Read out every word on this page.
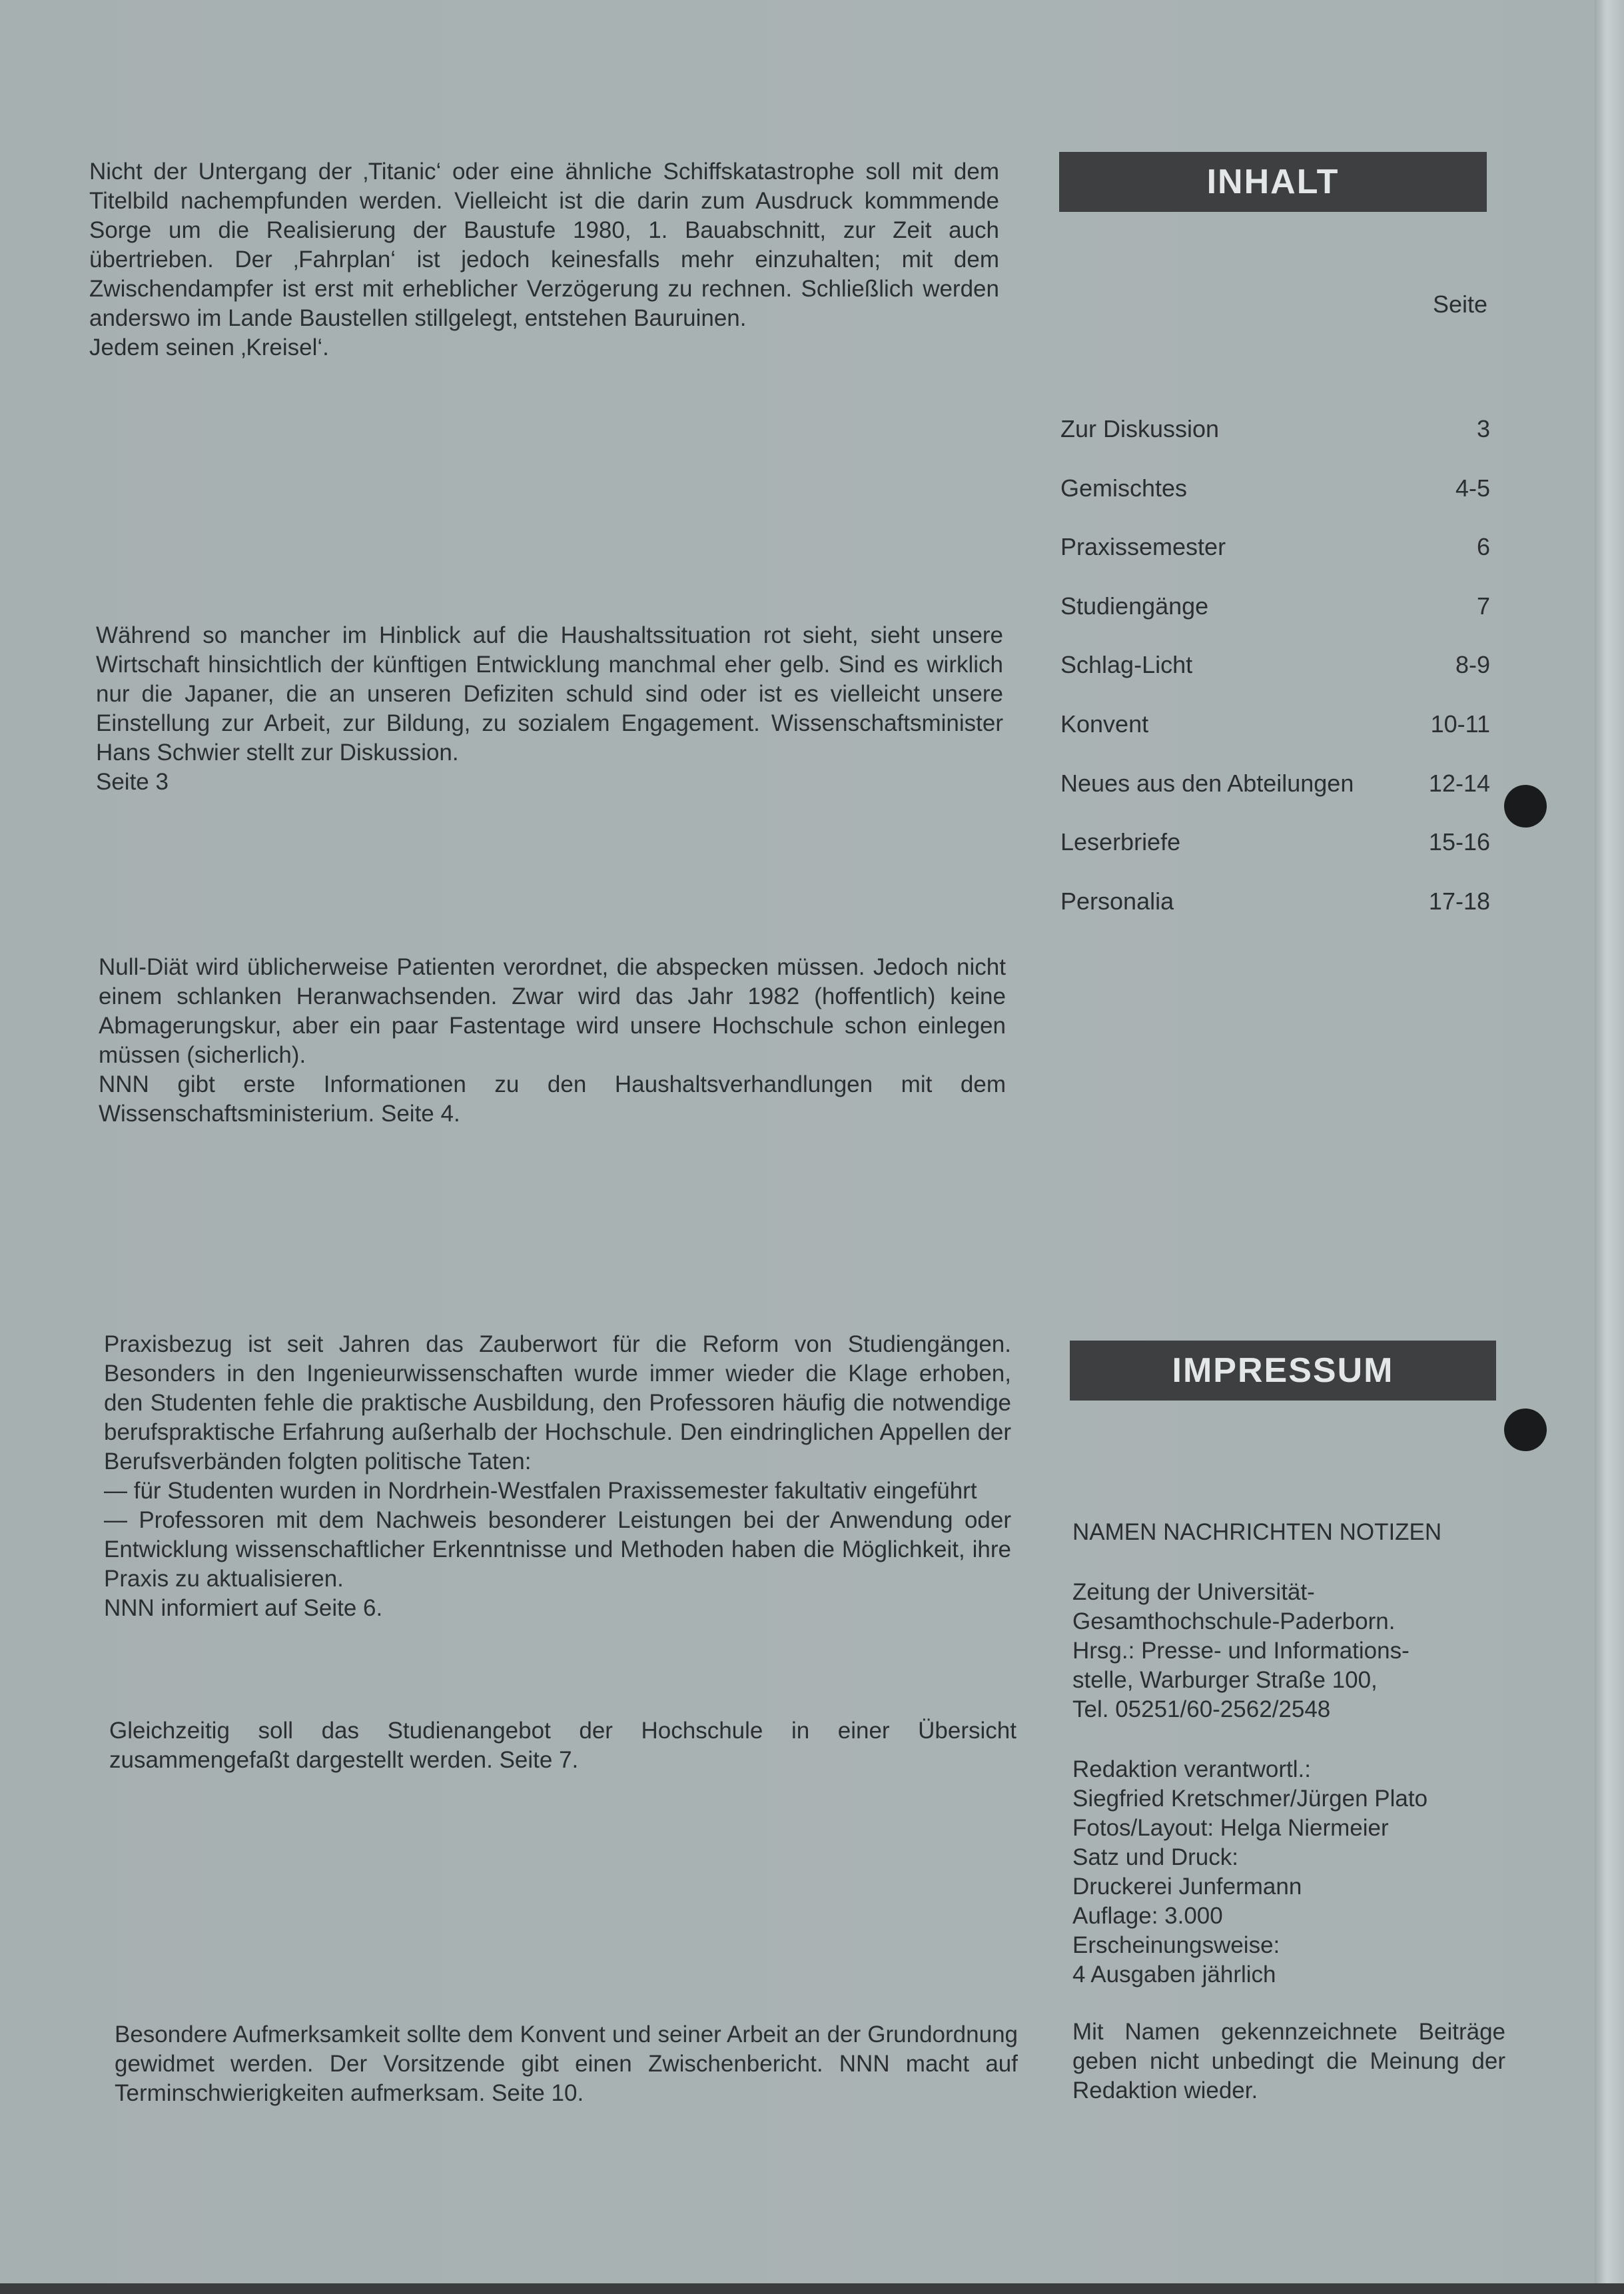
Nicht der Untergang der ‚Titanic‘ oder eine ähnliche Schiffskatastrophe soll mit dem Titelbild nachempfunden werden. Vielleicht ist die darin zum Ausdruck kommmende Sorge um die Realisierung der Baustufe 1980, 1. Bauabschnitt, zur Zeit auch übertrieben. Der ‚Fahrplan‘ ist jedoch keinesfalls mehr einzuhalten; mit dem Zwischendampfer ist erst mit erheblicher Verzögerung zu rechnen. Schließlich werden anderswo im Lande Baustellen stillgelegt, entstehen Bauruinen.
Jedem seinen ‚Kreisel‘.

Während so mancher im Hinblick auf die Haushaltssituation rot sieht, sieht unsere Wirtschaft hinsichtlich der künftigen Entwicklung manchmal eher gelb. Sind es wirklich nur die Japaner, die an unseren Defiziten schuld sind oder ist es vielleicht unsere Einstellung zur Arbeit, zur Bildung, zu sozialem Engagement. Wissenschaftsminister Hans Schwier stellt zur Diskussion.
Seite 3

Null-Diät wird üblicherweise Patienten verordnet, die abspecken müssen. Jedoch nicht einem schlanken Heranwachsenden. Zwar wird das Jahr 1982 (hoffentlich) keine Abmagerungskur, aber ein paar Fastentage wird unsere Hochschule schon einlegen müssen (sicherlich).
NNN gibt erste Informationen zu den Haushaltsverhandlungen mit dem Wissenschaftsministerium. Seite 4.

Praxisbezug ist seit Jahren das Zauberwort für die Reform von Studiengängen. Besonders in den Ingenieurwissenschaften wurde immer wieder die Klage erhoben, den Studenten fehle die praktische Ausbildung, den Professoren häufig die notwendige berufspraktische Erfahrung außerhalb der Hochschule. Den eindringlichen Appellen der Berufsverbänden folgten politische Taten:
— für Studenten wurden in Nordrhein-Westfalen Praxissemester fakultativ eingeführt
— Professoren mit dem Nachweis besonderer Leistungen bei der Anwendung oder Entwicklung wissenschaftlicher Erkenntnisse und Methoden haben die Möglichkeit, ihre Praxis zu aktualisieren.
NNN informiert auf Seite 6.

Gleichzeitig soll das Studienangebot der Hochschule in einer Übersicht zusammengefaßt dargestellt werden. Seite 7.

Besondere Aufmerksamkeit sollte dem Konvent und seiner Arbeit an der Grundordnung gewidmet werden. Der Vorsitzende gibt einen Zwischenbericht. NNN macht auf Terminschwierigkeiten aufmerksam. Seite 10.

INHALT
Seite
Zur Diskussion	3
Gemischtes	4-5
Praxissemester	6
Studiengänge	7
Schlag-Licht	8-9
Konvent	10-11
Neues aus den Abteilungen	12-14
Leserbriefe	15-16
Personalia	17-18
IMPRESSUM

NAMEN NACHRICHTEN NOTIZEN

Zeitung der Universität-
Gesamthochschule-Paderborn.
Hrsg.: Presse- und Informations-
stelle, Warburger Straße 100,
Tel. 05251/60-2562/2548

Redaktion verantwortl.:
Siegfried Kretschmer/Jürgen Plato
Fotos/Layout: Helga Niermeier
Satz und Druck:
Druckerei Junfermann
Auflage: 3.000
Erscheinungsweise:
4 Ausgaben jährlich

Mit Namen gekennzeichnete Beiträge geben nicht unbedingt die Meinung der Redaktion wieder.
